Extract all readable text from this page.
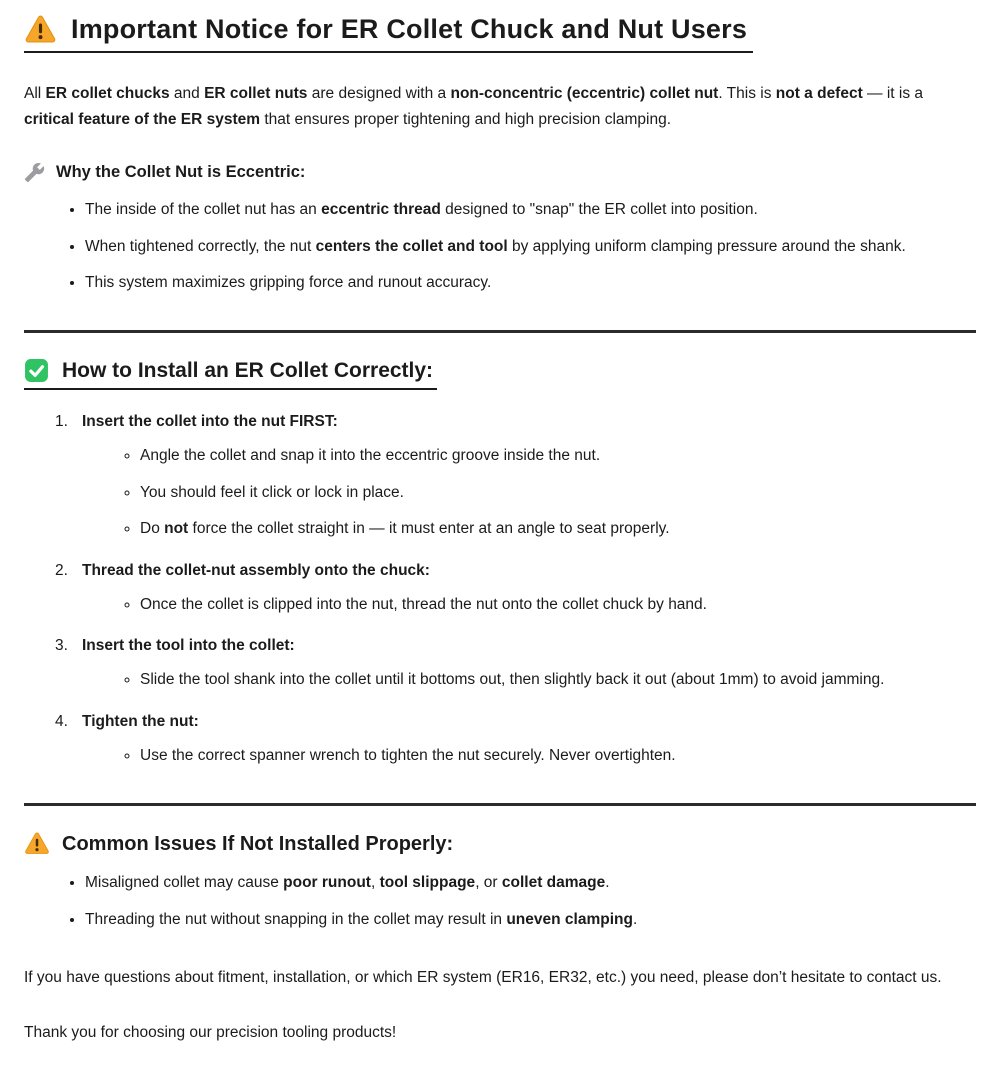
Important Notice for ER Collet Chuck and Nut Users

All ER collet chucks and ER collet nuts are designed with a non-concentric (eccentric) collet nut. This is not a defect — it is a critical feature of the ER system that ensures proper tightening and high precision clamping.

Why the Collet Nut is Eccentric:
• The inside of the collet nut has an eccentric thread designed to "snap" the ER collet into position.
• When tightened correctly, the nut centers the collet and tool by applying uniform clamping pressure around the shank.
• This system maximizes gripping force and runout accuracy.
How to Install an ER Collet Correctly:
1. Insert the collet into the nut FIRST:
◦ Angle the collet and snap it into the eccentric groove inside the nut.
◦ You should feel it click or lock in place.
◦ Do not force the collet straight in — it must enter at an angle to seat properly.
2. Thread the collet-nut assembly onto the chuck:
◦ Once the collet is clipped into the nut, thread the nut onto the collet chuck by hand.
3. Insert the tool into the collet:
◦ Slide the tool shank into the collet until it bottoms out, then slightly back it out (about 1mm) to avoid jamming.
4. Tighten the nut:
◦ Use the correct spanner wrench to tighten the nut securely. Never overtighten.
Common Issues If Not Installed Properly:
• Misaligned collet may cause poor runout, tool slippage, or collet damage.
• Threading the nut without snapping in the collet may result in uneven clamping.

If you have questions about fitment, installation, or which ER system (ER16, ER32, etc.) you need, please don’t hesitate to contact us.

Thank you for choosing our precision tooling products!
